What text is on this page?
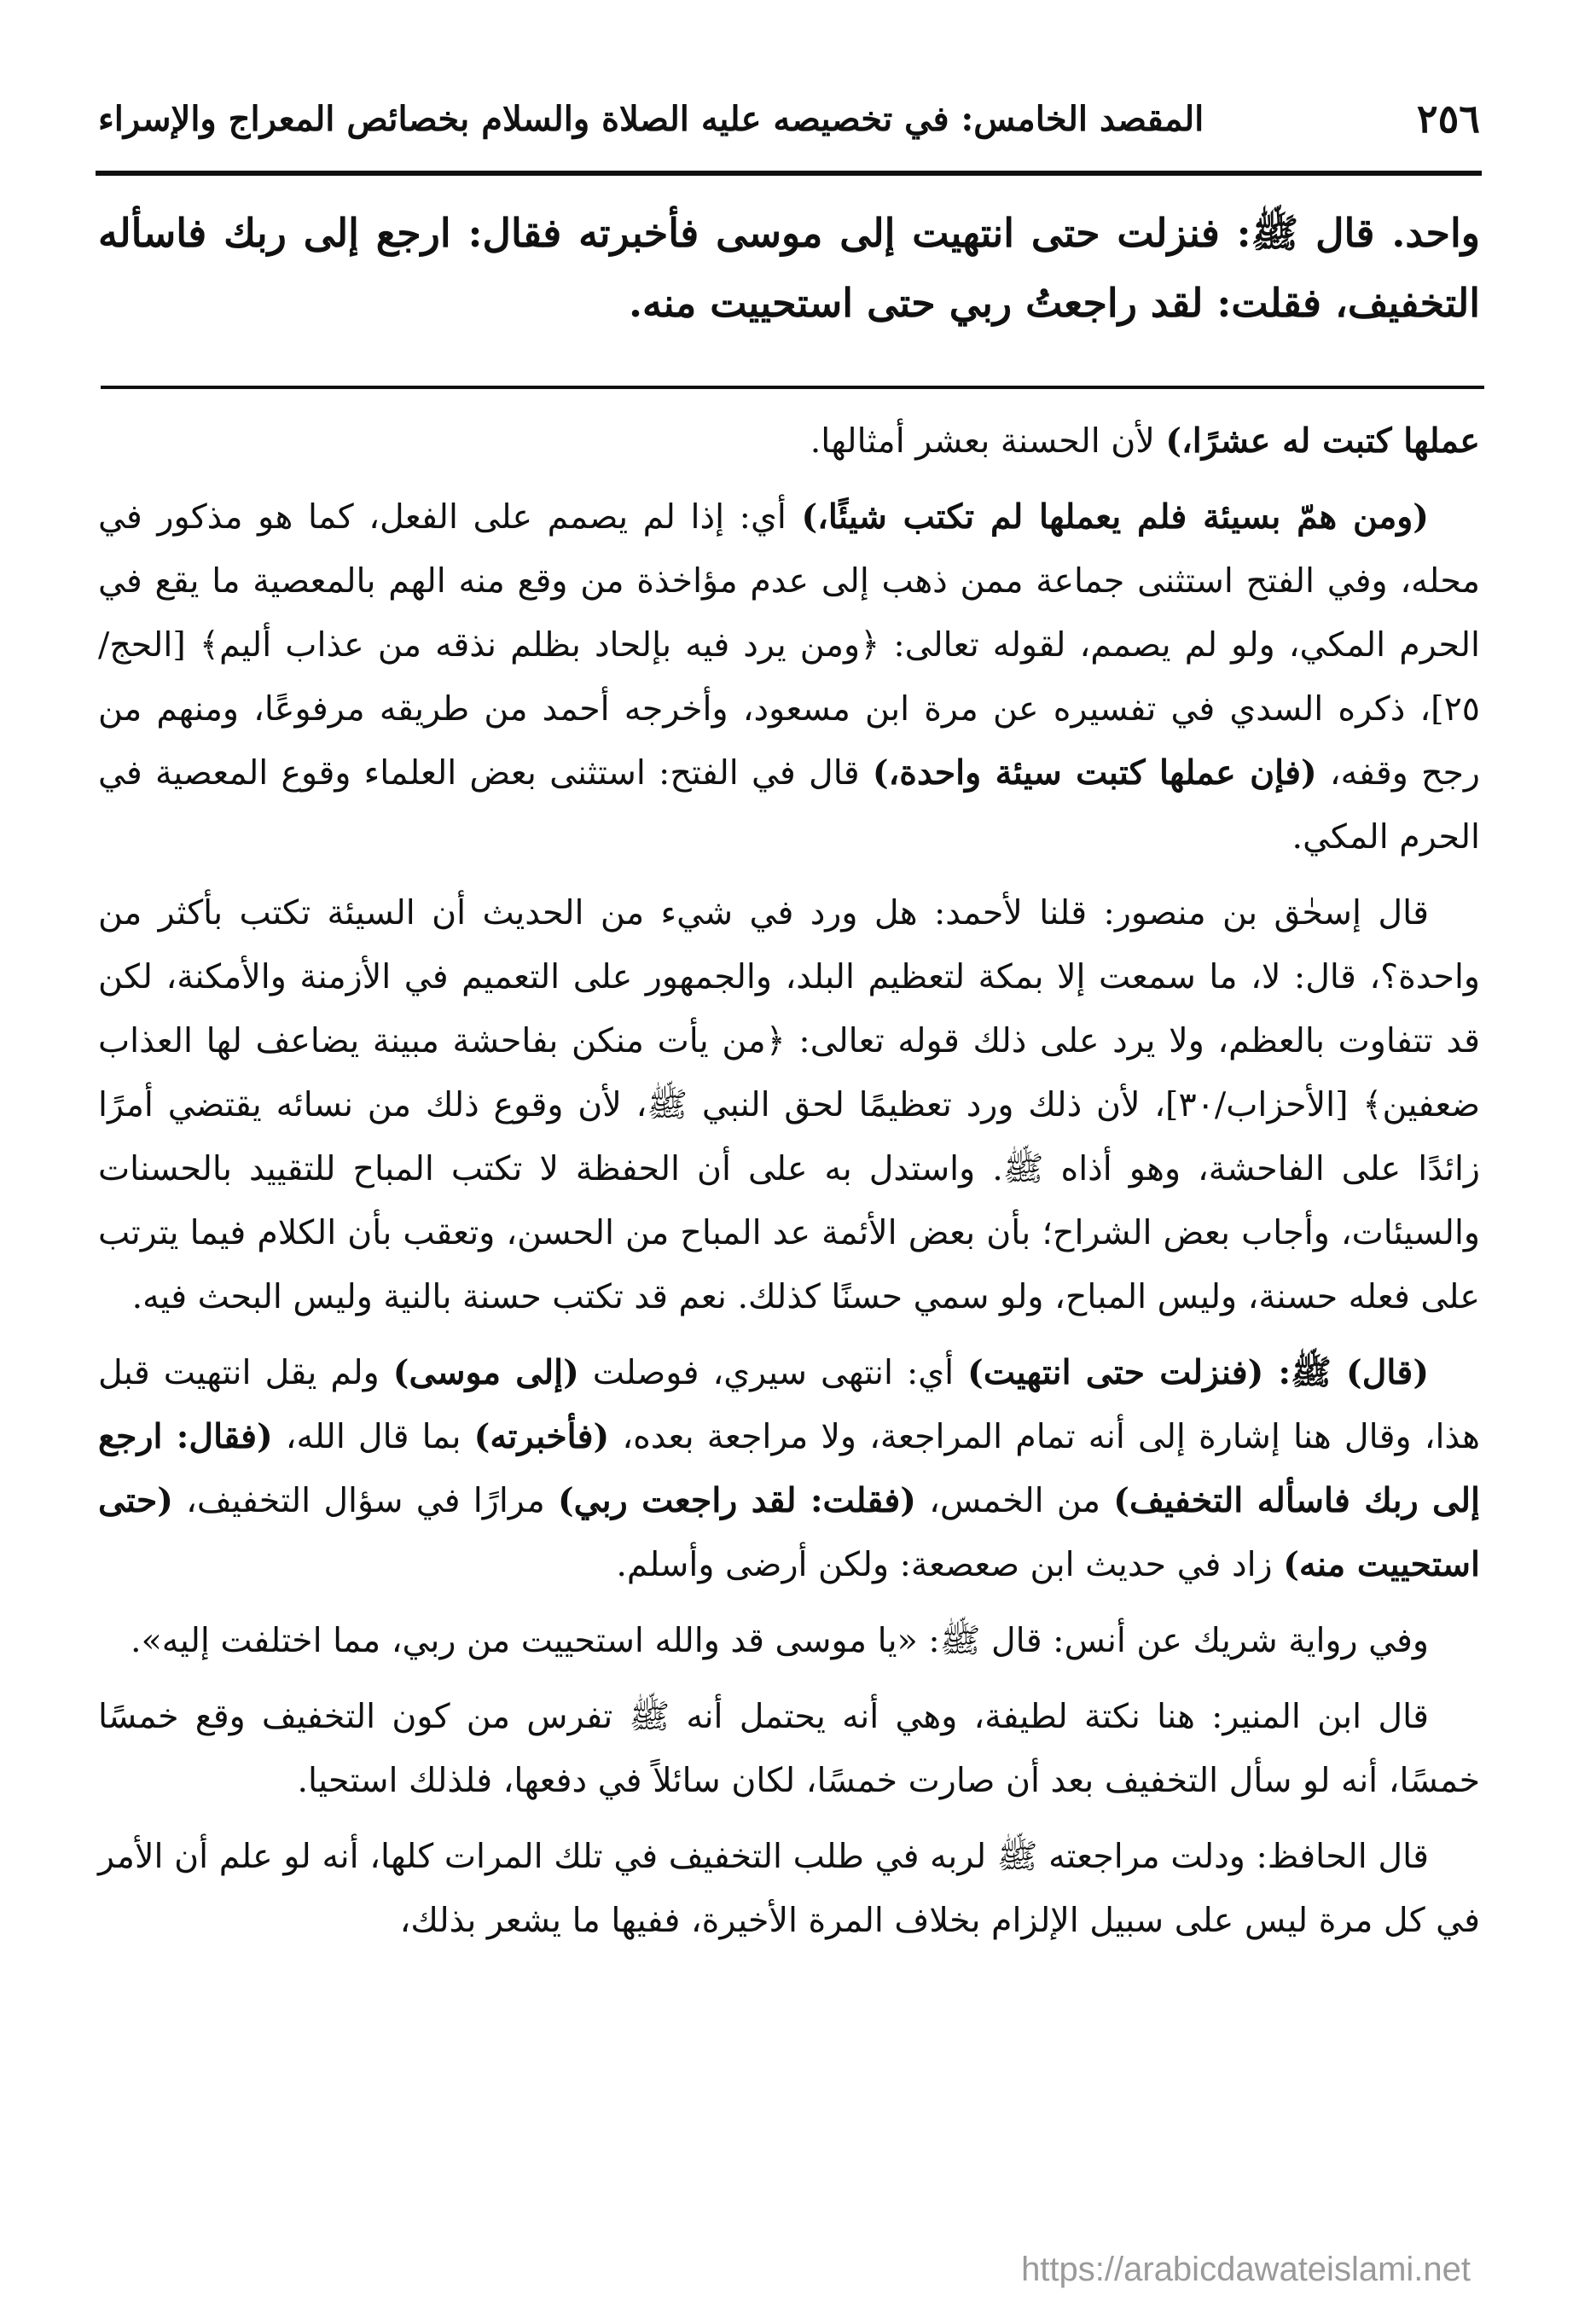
٢٥٦
المقصد الخامس: في تخصيصه عليه الصلاة والسلام بخصائص المعراج والإسراء
واحد. قال ﷺ: فنزلت حتى انتهيت إلى موسى فأخبرته فقال: ارجع إلى ربك فاسأله التخفيف، فقلت: لقد راجعتُ ربي حتى استحييت منه.

عملها كتبت له عشرًا،) لأن الحسنة بعشر أمثالها.

(ومن همّ بسيئة فلم يعملها لم تكتب شيئًا،) أي: إذا لم يصمم على الفعل، كما هو مذكور في محله، وفي الفتح استثنى جماعة ممن ذهب إلى عدم مؤاخذة من وقع منه الهم بالمعصية ما يقع في الحرم المكي، ولو لم يصمم، لقوله تعالى: ﴿ومن يرد فيه بإلحاد بظلم نذقه من عذاب أليم﴾ [الحج/٢٥]، ذكره السدي في تفسيره عن مرة ابن مسعود، وأخرجه أحمد من طريقه مرفوعًا، ومنهم من رجح وقفه، (فإن عملها كتبت سيئة واحدة،) قال في الفتح: استثنى بعض العلماء وقوع المعصية في الحرم المكي.

قال إسحٰق بن منصور: قلنا لأحمد: هل ورد في شيء من الحديث أن السيئة تكتب بأكثر من واحدة؟، قال: لا، ما سمعت إلا بمكة لتعظيم البلد، والجمهور على التعميم في الأزمنة والأمكنة، لكن قد تتفاوت بالعظم، ولا يرد على ذلك قوله تعالى: ﴿من يأت منكن بفاحشة مبينة يضاعف لها العذاب ضعفين﴾ [الأحزاب/٣٠]، لأن ذلك ورد تعظيمًا لحق النبي ﷺ، لأن وقوع ذلك من نسائه يقتضي أمرًا زائدًا على الفاحشة، وهو أذاه ﷺ. واستدل به على أن الحفظة لا تكتب المباح للتقييد بالحسنات والسيئات، وأجاب بعض الشراح؛ بأن بعض الأئمة عد المباح من الحسن، وتعقب بأن الكلام فيما يترتب على فعله حسنة، وليس المباح، ولو سمي حسنًا كذلك. نعم قد تكتب حسنة بالنية وليس البحث فيه.

(قال) ﷺ: (فنزلت حتى انتهيت) أي: انتهى سيري، فوصلت (إلى موسى) ولم يقل انتهيت قبل هذا، وقال هنا إشارة إلى أنه تمام المراجعة، ولا مراجعة بعده، (فأخبرته) بما قال الله، (فقال: ارجع إلى ربك فاسأله التخفيف) من الخمس، (فقلت: لقد راجعت ربي) مرارًا في سؤال التخفيف، (حتى استحييت منه) زاد في حديث ابن صعصعة: ولكن أرضى وأسلم.

وفي رواية شريك عن أنس: قال ﷺ: «يا موسى قد والله استحييت من ربي، مما اختلفت إليه».

قال ابن المنير: هنا نكتة لطيفة، وهي أنه يحتمل أنه ﷺ تفرس من كون التخفيف وقع خمسًا خمسًا، أنه لو سأل التخفيف بعد أن صارت خمسًا، لكان سائلاً في دفعها، فلذلك استحيا.

قال الحافظ: ودلت مراجعته ﷺ لربه في طلب التخفيف في تلك المرات كلها، أنه لو علم أن الأمر في كل مرة ليس على سبيل الإلزام بخلاف المرة الأخيرة، ففيها ما يشعر بذلك،

https://arabicdawateislami.net
